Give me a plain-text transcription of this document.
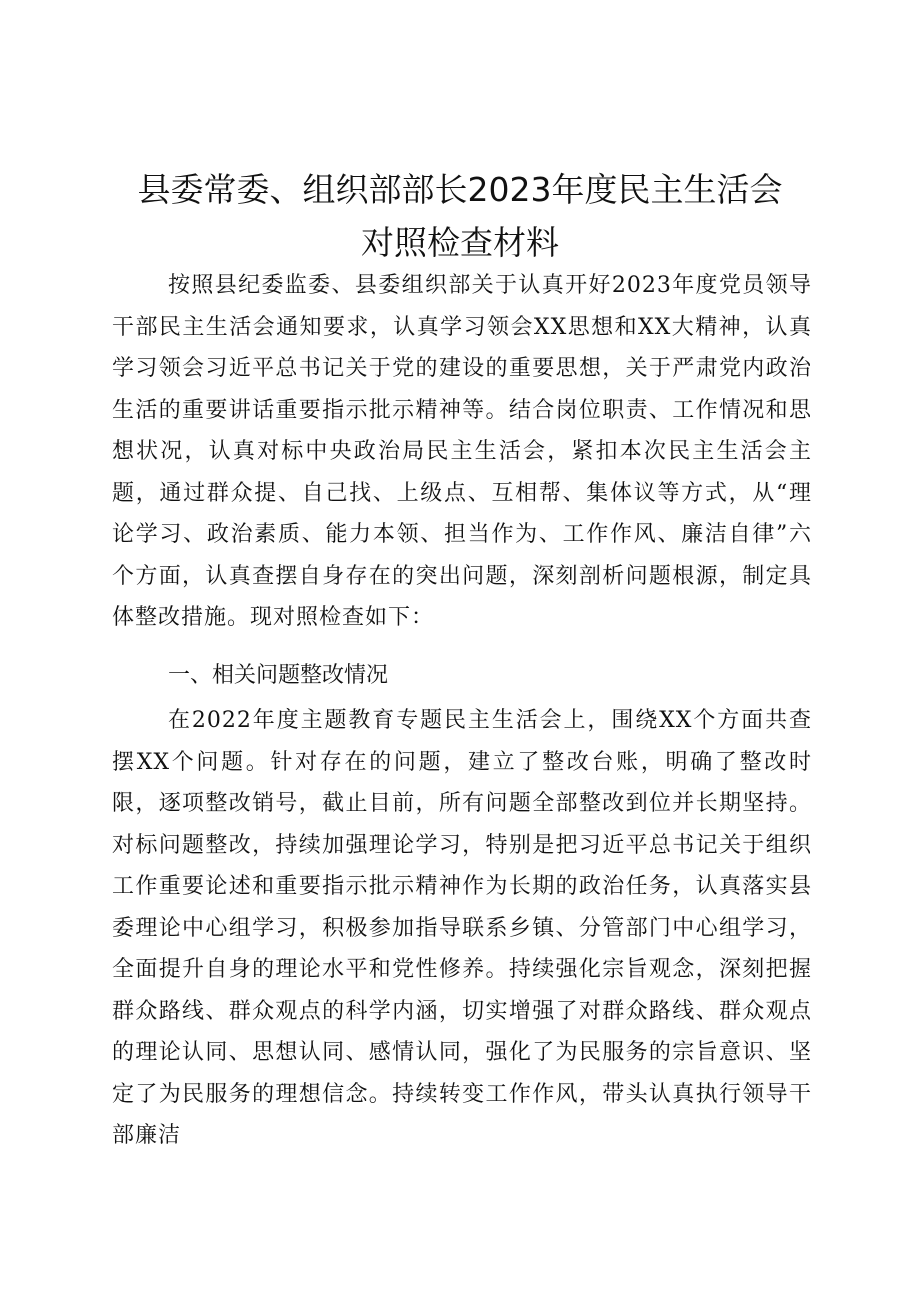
县委常委、组织部部长2023年度民主生活会
对照检查材料

按照县纪委监委、县委组织部关于认真开好2023年度党员领导干部民主生活会通知要求，认真学习领会XX思想和XX大精神，认真学习领会习近平总书记关于党的建设的重要思想，关于严肃党内政治生活的重要讲话重要指示批示精神等。结合岗位职责、工作情况和思想状况，认真对标中央政治局民主生活会，紧扣本次民主生活会主题，通过群众提、自己找、上级点、互相帮、集体议等方式，从“理论学习、政治素质、能力本领、担当作为、工作作风、廉洁自律”六个方面，认真查摆自身存在的突出问题，深刻剖析问题根源，制定具体整改措施。现对照检查如下：

一、相关问题整改情况

在2022年度主题教育专题民主生活会上，围绕XX个方面共查摆XX个问题。针对存在的问题，建立了整改台账，明确了整改时限，逐项整改销号，截止目前，所有问题全部整改到位并长期坚持。对标问题整改，持续加强理论学习，特别是把习近平总书记关于组织工作重要论述和重要指示批示精神作为长期的政治任务，认真落实县委理论中心组学习，积极参加指导联系乡镇、分管部门中心组学习，全面提升自身的理论水平和党性修养。持续强化宗旨观念，深刻把握群众路线、群众观点的科学内涵，切实增强了对群众路线、群众观点的理论认同、思想认同、感情认同，强化了为民服务的宗旨意识、坚定了为民服务的理想信念。持续转变工作作风，带头认真执行领导干部廉洁
